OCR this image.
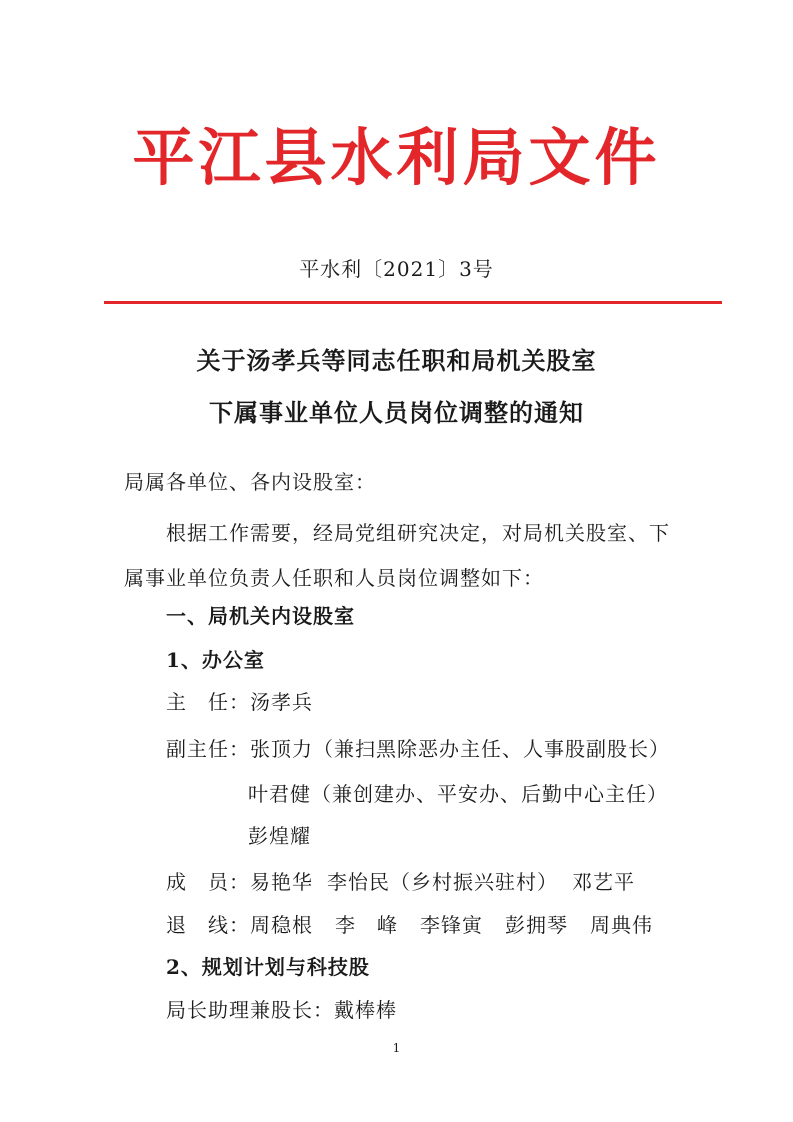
平江县水利局文件
平水利〔2021〕3号
关于汤孝兵等同志任职和局机关股室
下属事业单位人员岗位调整的通知
局属各单位、各内设股室：
根据工作需要，经局党组研究决定，对局机关股室、下
属事业单位负责人任职和人员岗位调整如下：
一、局机关内设股室
1、办公室
主　任：汤孝兵
副主任：张顶力（兼扫黑除恶办主任、人事股副股长）
叶君健（兼创建办、平安办、后勤中心主任）
彭煌耀
成　员：易艳华 李怡民（乡村振兴驻村） 邓艺平
退　线：周稳根 李　峰 李锋寅 彭拥琴 周典伟
2、规划计划与科技股
局长助理兼股长：戴棒棒
1
